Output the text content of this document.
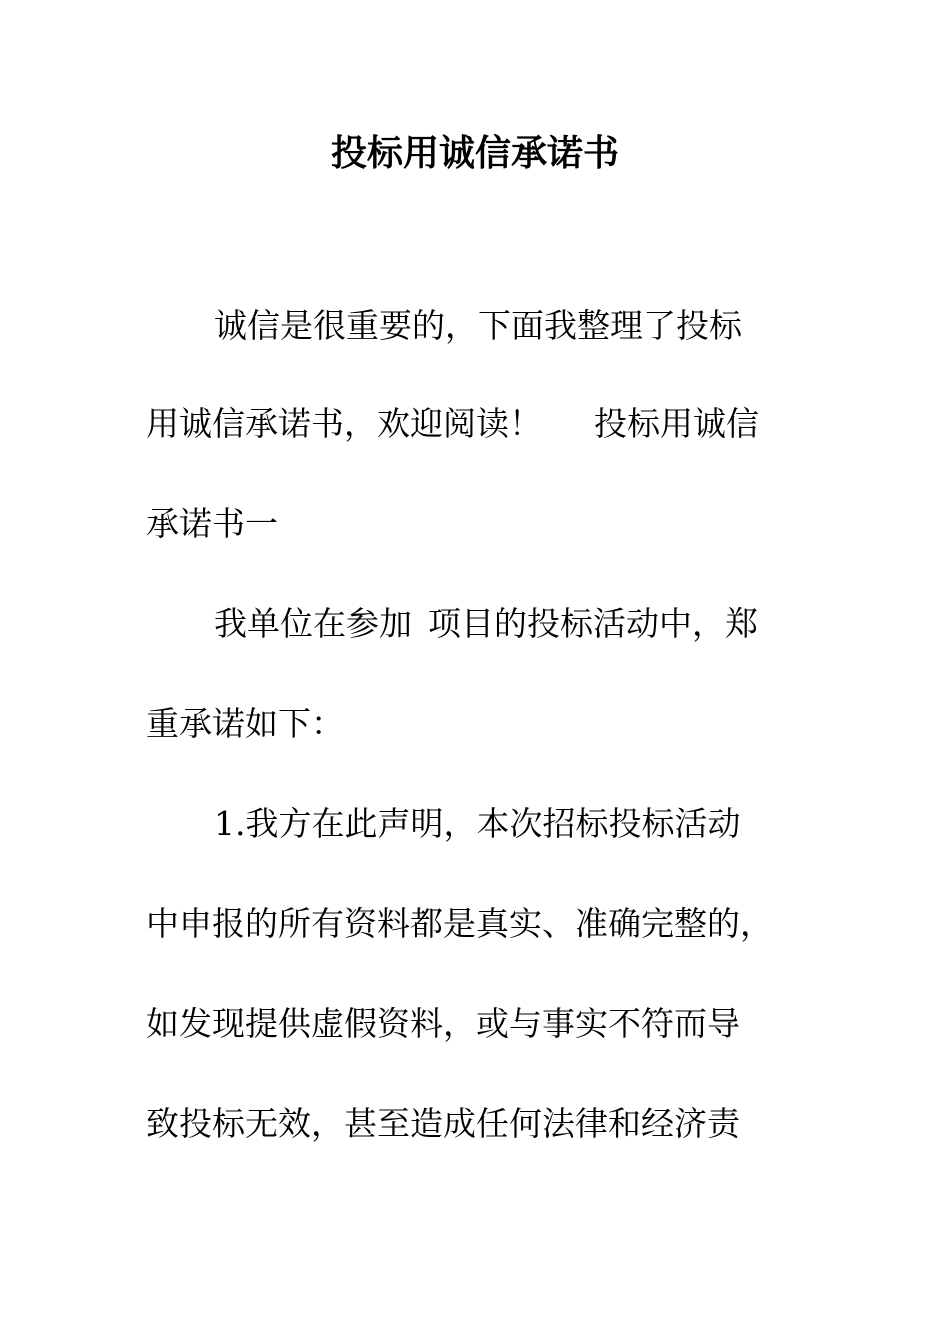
投标用诚信承诺书

诚信是很重要的，下面我整理了投标

用诚信承诺书，欢迎阅读！ 投标用诚信

承诺书一

我单位在参加 项目的投标活动中，郑

重承诺如下：

1.我方在此声明，本次招标投标活动

中申报的所有资料都是真实、准确完整的，

如发现提供虚假资料，或与事实不符而导

致投标无效，甚至造成任何法律和经济责
